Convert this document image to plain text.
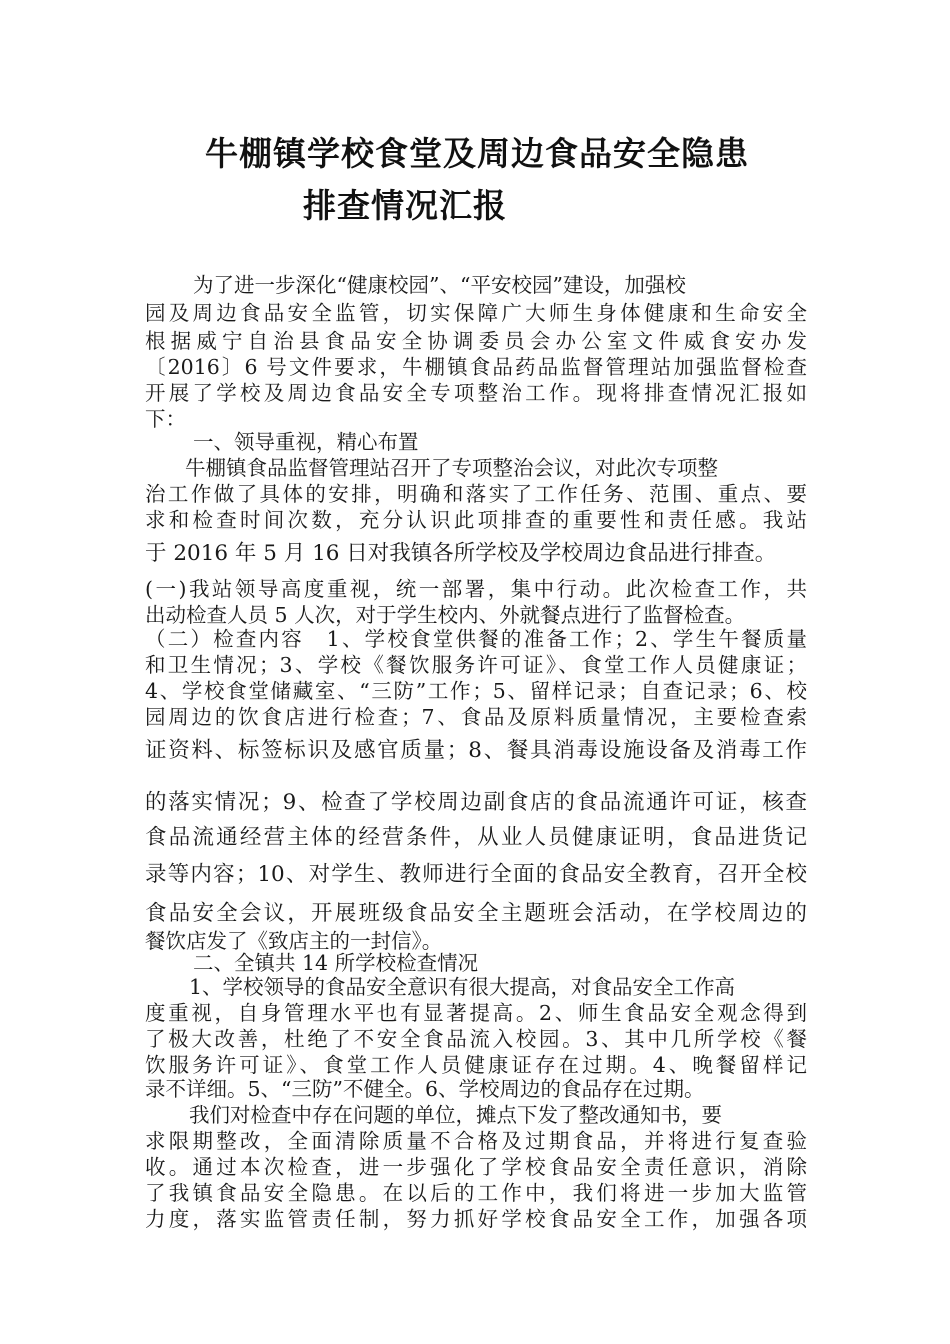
牛棚镇学校食堂及周边食品安全隐患
排查情况汇报
为了进一步深化“健康校园”、“平安校园”建设，加强校
园及周边食品安全监管，切实保障广大师生身体健康和生命安全
根据威宁自治县食品安全协调委员会办公室文件威食安办发
〔2016〕6 号文件要求，牛棚镇食品药品监督管理站加强监督检查
开展了学校及周边食品安全专项整治工作。现将排查情况汇报如
下：
一、领导重视，精心布置
牛棚镇食品监督管理站召开了专项整治会议，对此次专项整
治工作做了具体的安排，明确和落实了工作任务、范围、重点、要
求和检查时间次数，充分认识此项排查的重要性和责任感。我站
于 2016 年 5 月 16 日对我镇各所学校及学校周边食品进行排查。
(一)我站领导高度重视，统一部署，集中行动。此次检查工作，共
出动检查人员 5 人次，对于学生校内、外就餐点进行了监督检查。
（二）检查内容　1、学校食堂供餐的准备工作；2、学生午餐质量
和卫生情况；3、学校《餐饮服务许可证》、食堂工作人员健康证；
4、学校食堂储藏室、“三防”工作；5、留样记录；自查记录；6、校
园周边的饮食店进行检查；7、食品及原料质量情况，主要检查索
证资料、标签标识及感官质量；8、餐具消毒设施设备及消毒工作
的落实情况；9、检查了学校周边副食店的食品流通许可证，核查
食品流通经营主体的经营条件，从业人员健康证明，食品进货记
录等内容；10、对学生、教师进行全面的食品安全教育，召开全校
食品安全会议，开展班级食品安全主题班会活动，在学校周边的
餐饮店发了《致店主的一封信》。
二、全镇共 14 所学校检查情况
1、学校领导的食品安全意识有很大提高，对食品安全工作高
度重视，自身管理水平也有显著提高。2、师生食品安全观念得到
了极大改善，杜绝了不安全食品流入校园。3、其中几所学校《餐
饮服务许可证》、食堂工作人员健康证存在过期。4、晚餐留样记
录不详细。5、“三防”不健全。6、学校周边的食品存在过期。
我们对检查中存在问题的单位，摊点下发了整改通知书，要
求限期整改，全面清除质量不合格及过期食品，并将进行复查验
收。通过本次检查，进一步强化了学校食品安全责任意识，消除
了我镇食品安全隐患。在以后的工作中，我们将进一步加大监管
力度，落实监管责任制，努力抓好学校食品安全工作，加强各项
